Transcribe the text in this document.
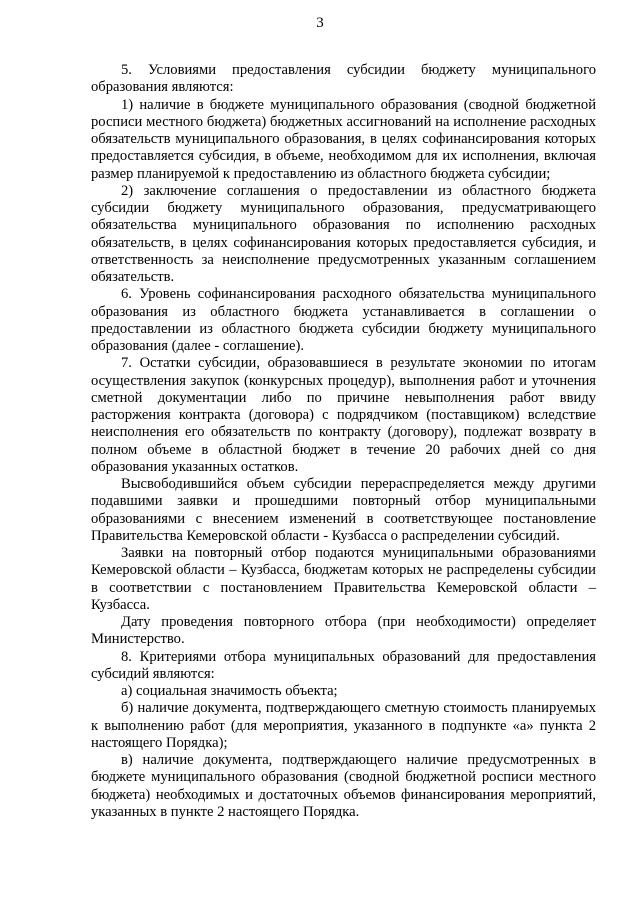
3

5. Условиями предоставления субсидии бюджету муниципального образования являются:

1) наличие в бюджете муниципального образования (сводной бюджетной росписи местного бюджета) бюджетных ассигнований на исполнение расходных обязательств муниципального образования, в целях софинансирования которых предоставляется субсидия, в объеме, необходимом для их исполнения, включая размер планируемой к предоставлению из областного бюджета субсидии;

2) заключение соглашения о предоставлении из областного бюджета субсидии бюджету муниципального образования, предусматривающего обязательства муниципального образования по исполнению расходных обязательств, в целях софинансирования которых предоставляется субсидия, и ответственность за неисполнение предусмотренных указанным соглашением обязательств.

6. Уровень софинансирования расходного обязательства муниципального образования из областного бюджета устанавливается в соглашении о предоставлении из областного бюджета субсидии бюджету муниципального образования (далее - соглашение).

7. Остатки субсидии, образовавшиеся в результате экономии по итогам осуществления закупок (конкурсных процедур), выполнения работ и уточнения сметной документации либо по причине невыполнения работ ввиду расторжения контракта (договора) с подрядчиком (поставщиком) вследствие неисполнения его обязательств по контракту (договору), подлежат возврату в полном объеме в областной бюджет в течение 20 рабочих дней со дня образования указанных остатков.

Высвободившийся объем субсидии перераспределяется между другими подавшими заявки и прошедшими повторный отбор муниципальными образованиями с внесением изменений в соответствующее постановление Правительства Кемеровской области - Кузбасса о распределении субсидий.

Заявки на повторный отбор подаются муниципальными образованиями Кемеровской области – Кузбасса, бюджетам которых не распределены субсидии в соответствии с постановлением Правительства Кемеровской области – Кузбасса.

Дату проведения повторного отбора (при необходимости) определяет Министерство.

8. Критериями отбора муниципальных образований для предоставления субсидий являются:

а) социальная значимость объекта;

б) наличие документа, подтверждающего сметную стоимость планируемых к выполнению работ (для мероприятия, указанного в подпункте «а» пункта 2 настоящего Порядка);

в) наличие документа, подтверждающего наличие предусмотренных в бюджете муниципального образования (сводной бюджетной росписи местного бюджета) необходимых и достаточных объемов финансирования мероприятий, указанных в пункте 2 настоящего Порядка.
